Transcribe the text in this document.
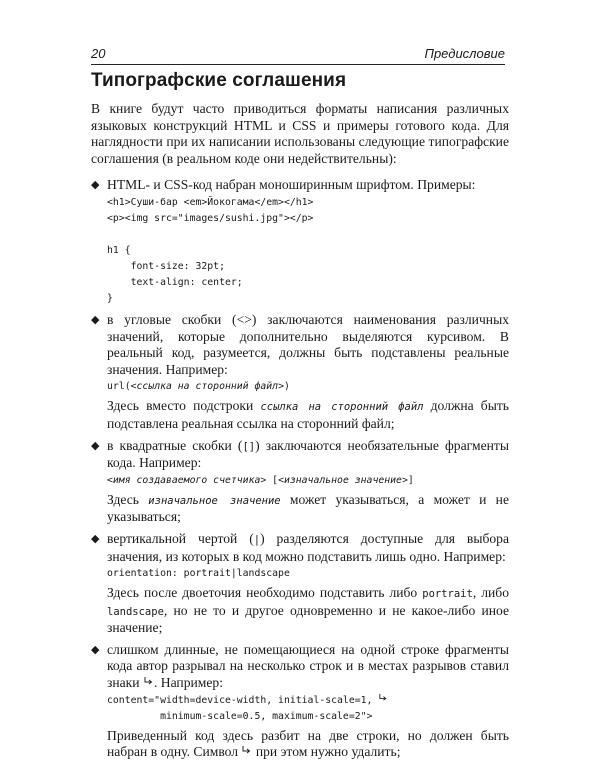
20	Предисловие
Типографские соглашения

В книге будут часто приводиться форматы написания различных языковых конструкций HTML и CSS и примеры готового кода. Для наглядности при их написании использованы следующие типографские соглашения (в реальном коде они недействительны):

◆ HTML- и CSS-код набран моноширинным шрифтом. Примеры:
<h1>Суши-бар <em>Йокогама</em></h1>
<p><img src="images/sushi.jpg"></p>

h1 {
font-size: 32pt;
text-align: center;
}
◆ в угловые скобки (<>) заключаются наименования различных значений, которые дополнительно выделяются курсивом. В реальный код, разумеется, должны быть подставлены реальные значения. Например:
url(<ссылка на сторонний файл>)
Здесь вместо подстроки ссылка на сторонний файл должна быть подставлена реальная ссылка на сторонний файл;
◆ в квадратные скобки ([]) заключаются необязательные фрагменты кода. Например:
<имя создаваемого счетчика> [<изначальное значение>]
Здесь изначальное значение может указываться, а может и не указываться;
◆ вертикальной чертой (|) разделяются доступные для выбора значения, из которых в код можно подставить лишь одно. Например:
orientation: portrait|landscape
Здесь после двоеточия необходимо подставить либо portrait, либо landscape, но не то и другое одновременно и не какое-либо иное значение;
◆ слишком длинные, не помещающиеся на одной строке фрагменты кода автор разрывал на несколько строк и в местах разрывов ставил знаки . Например:
content="width=device-width, initial-scale=1,
minimum-scale=0.5, maximum-scale=2">
Приведенный код здесь разбит на две строки, но должен быть набран в одну. Символ  при этом нужно удалить;
